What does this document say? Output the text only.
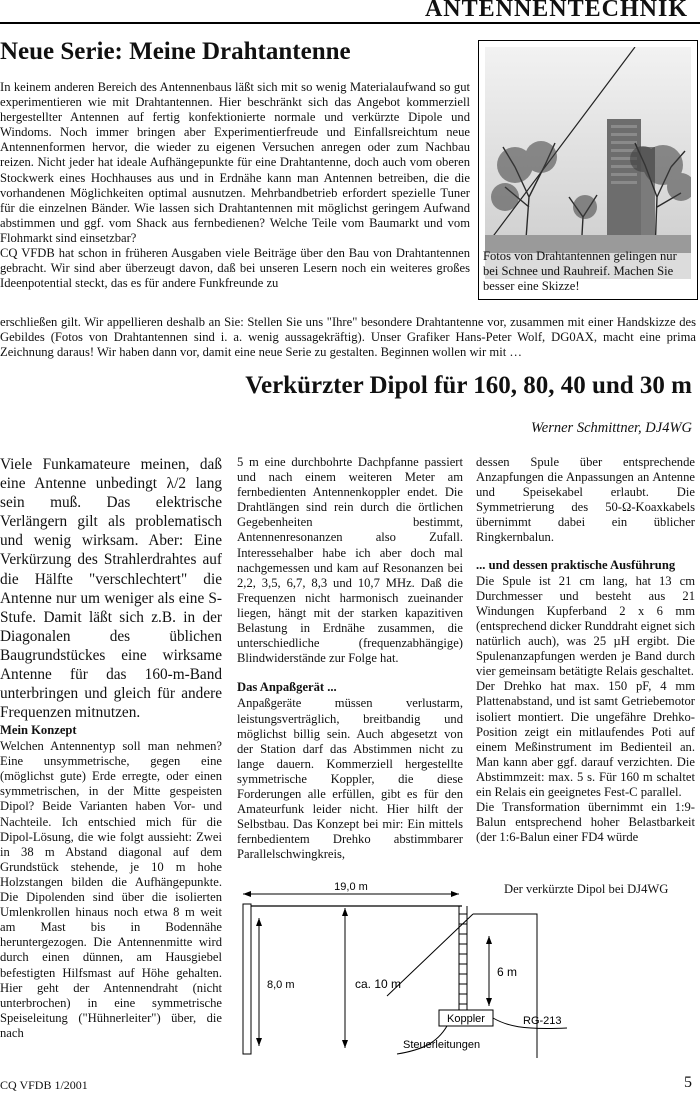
ANTENNENTECHNIK
Neue Serie: Meine Drahtantenne

In keinem anderen Bereich des Antennenbaus läßt sich mit so wenig Materialaufwand so gut experimentieren wie mit Drahtantennen. Hier beschränkt sich das Angebot kommerziell hergestellter Antennen auf fertig konfektionierte normale und verkürzte Dipole und Windoms. Noch immer bringen aber Experimentierfreude und Einfallsreichtum neue Antennenformen hervor, die wieder zu eigenen Versuchen anregen oder zum Nachbau reizen. Nicht jeder hat ideale Aufhängepunkte für eine Drahtantenne, doch auch vom oberen Stockwerk eines Hochhauses aus und in Erdnähe kann man Antennen betreiben, die die vorhandenen Möglichkeiten optimal ausnutzen. Mehrbandbetrieb erfordert spezielle Tuner für die einzelnen Bänder. Wie lassen sich Drahtantennen mit möglichst geringem Aufwand abstimmen und ggf. vom Shack aus fernbedienen? Welche Teile vom Baumarkt und vom Flohmarkt sind einsetzbar?

CQ VFDB hat schon in früheren Ausgaben viele Beiträge über den Bau von Drahtantennen gebracht. Wir sind aber überzeugt davon, daß bei unseren Lesern noch ein weiteres großes Ideenpotential steckt, das es für andere Funkfreunde zu

erschließen gilt. Wir appellieren deshalb an Sie: Stellen Sie uns "Ihre" besondere Drahtantenne vor, zusammen mit einer Handskizze des Gebildes (Fotos von Drahtantennen sind i. a. wenig aussagekräftig). Unser Grafiker Hans-Peter Wolf, DG0AX, macht eine prima Zeichnung daraus! Wir haben dann vor, damit eine neue Serie zu gestalten. Beginnen wollen wir mit …
Fotos von Drahtantennen gelingen nur bei Schnee und Rauhreif. Machen Sie besser eine Skizze!
Verkürzter Dipol für 160, 80, 40 und 30 m
Werner Schmittner, DJ4WG
Viele Funkamateure meinen, daß eine Antenne unbedingt λ/2 lang sein muß. Das elektrische Verlängern gilt als problematisch und wenig wirksam. Aber: Eine Verkürzung des Strahlerdrahtes auf die Hälfte "verschlechtert" die Antenne nur um weniger als eine S-Stufe. Damit läßt sich z.B. in der Diagonalen des üblichen Baugrundstückes eine wirksame Antenne für das 160-m-Band unterbringen und gleich für andere Frequenzen mitnutzen.
Mein Konzept

Welchen Antennentyp soll man nehmen? Eine unsymmetrische, gegen eine (möglichst gute) Erde erregte, oder einen symmetrischen, in der Mitte gespeisten Dipol? Beide Varianten haben Vor- und Nachteile. Ich entschied mich für die Dipol-Lösung, die wie folgt aussieht: Zwei in 38 m Abstand diagonal auf dem Grundstück stehende, je 10 m hohe Holzstangen bilden die Aufhängepunkte. Die Dipolenden sind über die isolierten Umlenkrollen hinaus noch etwa 8 m weit am Mast bis in Bodennähe heruntergezogen. Die Antennenmitte wird durch einen dünnen, am Hausgiebel befestigten Hilfsmast auf Höhe gehalten. Hier geht der Antennendraht (nicht unterbrochen) in eine symmetrische Speiseleitung ("Hühnerleiter") über, die nach

5 m eine durchbohrte Dachpfanne passiert und nach einem weiteren Meter am fernbedienten Antennenkoppler endet. Die Drahtlängen sind rein durch die örtlichen Gegebenheiten bestimmt, Antennenresonanzen also Zufall. Interessehalber habe ich aber doch mal nachgemessen und kam auf Resonanzen bei 2,2, 3,5, 6,7, 8,3 und 10,7 MHz. Daß die Frequenzen nicht harmonisch zueinander liegen, hängt mit der starken kapazitiven Belastung in Erdnähe zusammen, die unterschiedliche (frequenzabhängige) Blindwiderstände zur Folge hat.

Das Anpaßgerät ...

Anpaßgeräte müssen verlustarm, leistungsverträglich, breitbandig und möglichst billig sein. Auch abgesetzt von der Station darf das Abstimmen nicht zu lange dauern. Kommerziell hergestellte symmetrische Koppler, die diese Forderungen alle erfüllen, gibt es für den Amateurfunk leider nicht. Hier hilft der Selbstbau. Das Konzept bei mir: Ein mittels fernbedientem Drehko abstimmbarer Parallelschwingkreis,

dessen Spule über entsprechende Anzapfungen die Anpassungen an Antenne und Speisekabel erlaubt. Die Symmetrierung des 50-Ω-Koaxkabels übernimmt dabei ein üblicher Ringkernbalun.

... und dessen praktische Ausführung

Die Spule ist 21 cm lang, hat 13 cm Durchmesser und besteht aus 21 Windungen Kupferband 2 x 6 mm (entsprechend dicker Runddraht eignet sich natürlich auch), was 25 µH ergibt. Die Spulenanzapfungen werden je Band durch vier gemeinsam betätigte Relais geschaltet.

Der Drehko hat max. 150 pF, 4 mm Plattenabstand, und ist samt Getriebemotor isoliert montiert. Die ungefähre Drehko-Position zeigt ein mitlaufendes Poti auf einem Meßinstrument im Bedienteil an. Man kann aber ggf. darauf verzichten. Die Abstimmzeit: max. 5 s. Für 160 m schaltet ein Relais ein geeignetes Fest-C parallel.

Die Transformation übernimmt ein 1:9-Balun entsprechend hoher Belastbarkeit (der 1:6-Balun einer FD4 würde

19,0 m
8,0 m	ca. 10 m
6 m
Koppler	RG-213
Steuerleitungen
Der verkürzte Dipol bei DJ4WG
CQ VFDB 1/2001	5
